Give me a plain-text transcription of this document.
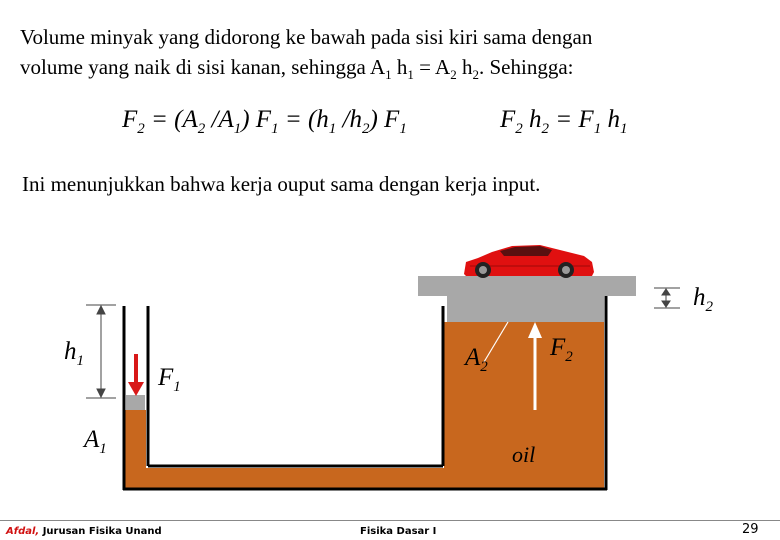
Volume minyak yang didorong ke bawah pada sisi kiri sama dengan
volume yang naik di sisi kanan, sehingga $A_1$ $h_1 = A_2$ $h_2$. Sehingga:
$F_2 = (A_2$ $/A_1$) $F_1 = (h_1$ $/h_2$) $F_1$	$F_2$ $h_2 = F_1$ $h_1$
Ini menunjukkan bahwa kerja ouput sama dengan kerja input.
$h_1$
$F_1$
$A_1$
$A_2$
$F_2$
$h_2$
oil
Afdal, Jurusan Fisika Unand	Fisika Dasar I	29
